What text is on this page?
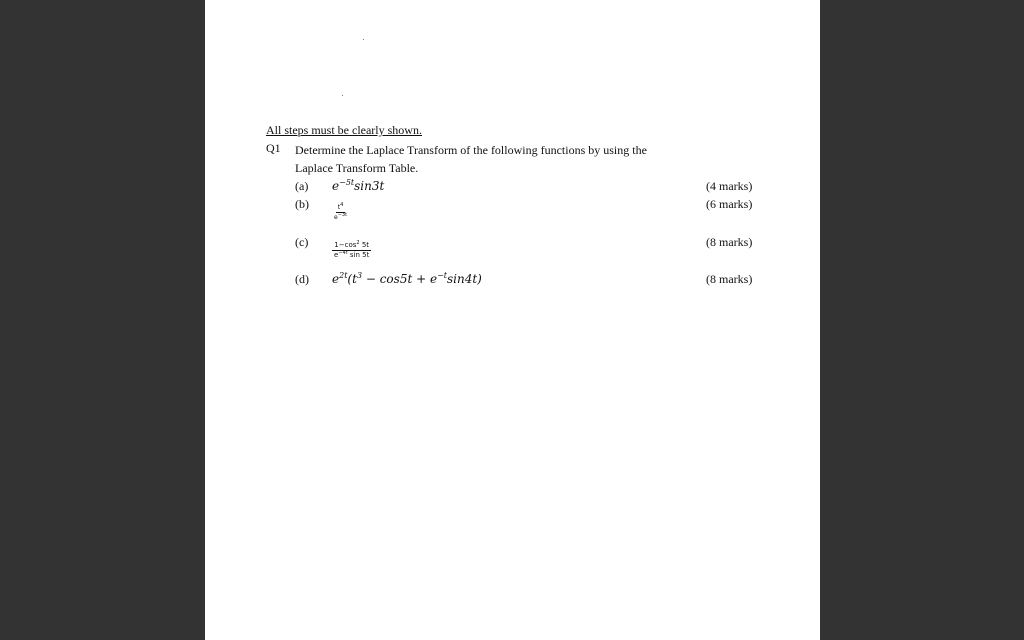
All steps must be clearly shown.
Q1 Determine the Laplace Transform of the following functions by using the Laplace Transform Table.
(a) $e^{-5t}\sin 3t$	(4 marks)
(b)	$\frac{t^4}{e^{-3t}}$	(6 marks)
(c)	$\frac{1-\cos^2 5t}{e^{-4t} \sin 5t}$	(8 marks)
(d) $e^{2t}(t^3 - \cos 5t + e^{-t}\sin 4t)$	(8 marks)
